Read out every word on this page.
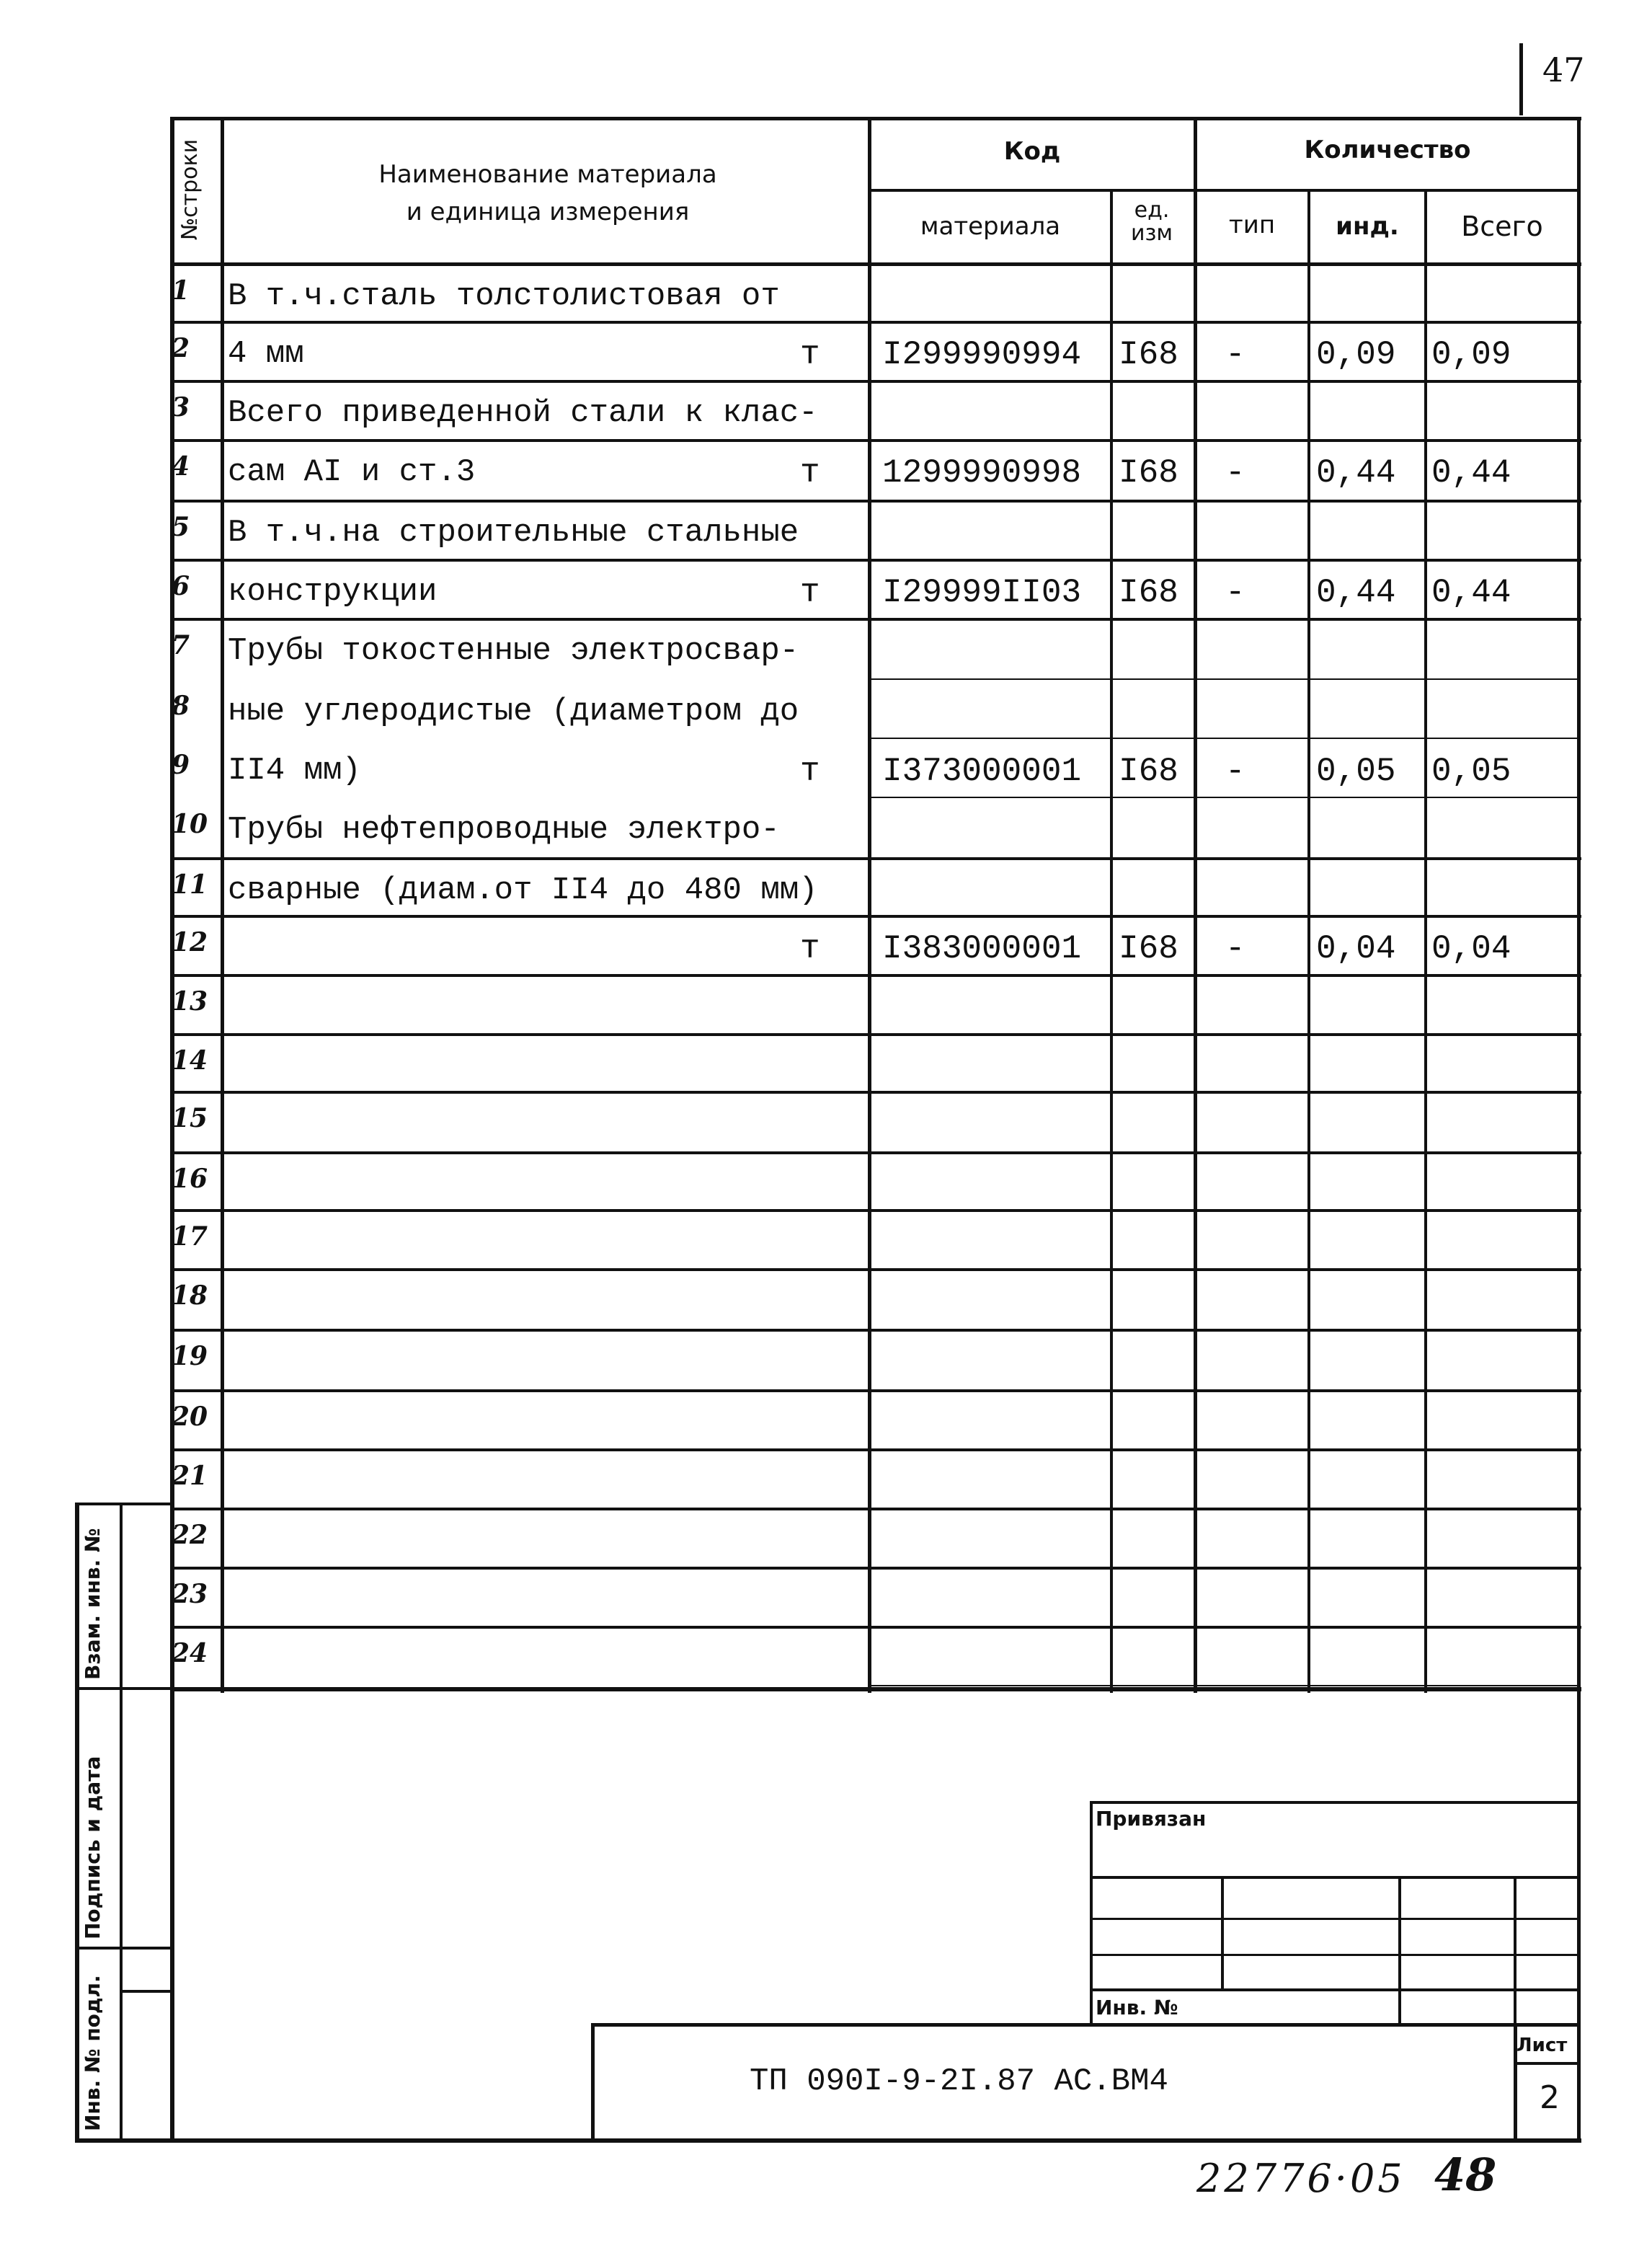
47
№строки	Наименование материала
и единица измерения
Код	Количество
материала
ед. изм	тип	инд.	Всего
1	В т.ч.сталь толстолистовая от
2	4 мм	т I299990994 I68 - 0,09 0,09
3	Всего приведенной стали к клас-
4	сам АI и ст.3	т 1299990998 I68 - 0,44 0,44
5	В т.ч.на строительные стальные
6	конструкции	т I29999II03 I68 - 0,44 0,44
7	Трубы токостенные электросвар-
8	ные углеродистые (диаметром до
9	II4 мм)	т I373000001 I68 - 0,05 0,05
10 Трубы нефтепроводные электро-
11 сварные (диам.от II4 до 480 мм)
12	т I383000001 I68 - 0,04 0,04
13
14
15
16
17
18
19
20
21
22
23
24
Взам. инв. №
Подпись и дата
Инв. № подл.
Привязан
Инв. №
ТП 090I-9-2I.87 АС.ВМ4
Лист
2
22776·05 48
